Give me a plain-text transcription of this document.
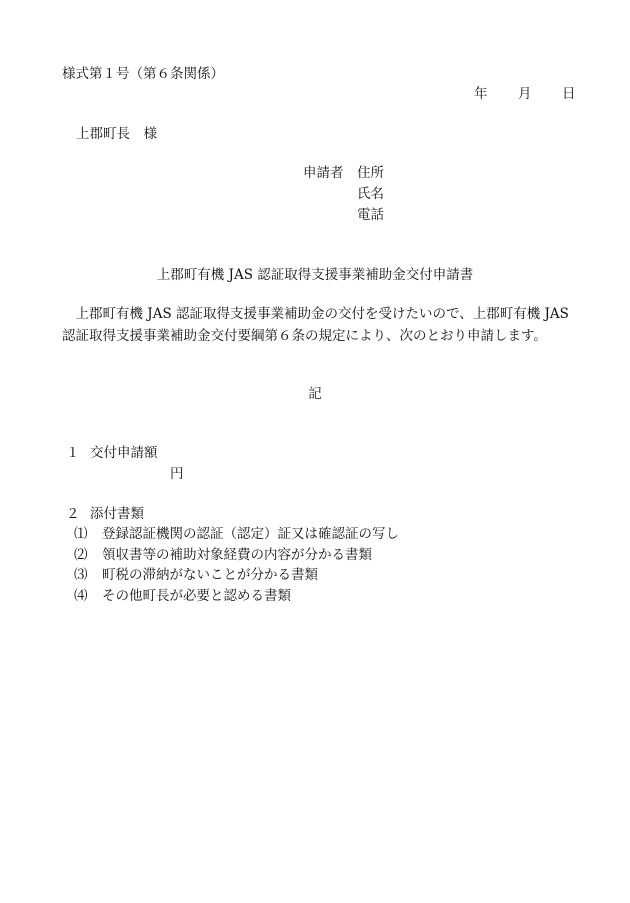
様式第１号（第６条関係）
年 月 日
上郡町長　様
申請者 住所
氏名
電話
上郡町有機 JAS 認証取得支援事業補助金交付申請書
上郡町有機 JAS 認証取得支援事業補助金の交付を受けたいので、上郡町有機 JAS 認証取得支援事業補助金交付要綱第６条の規定により、次のとおり申請します。
記
１ 交付申請額
円
２ 添付書類
⑴ 登録認証機関の認証（認定）証又は確認証の写し
⑵ 領収書等の補助対象経費の内容が分かる書類
⑶ 町税の滞納がないことが分かる書類
⑷ その他町長が必要と認める書類
